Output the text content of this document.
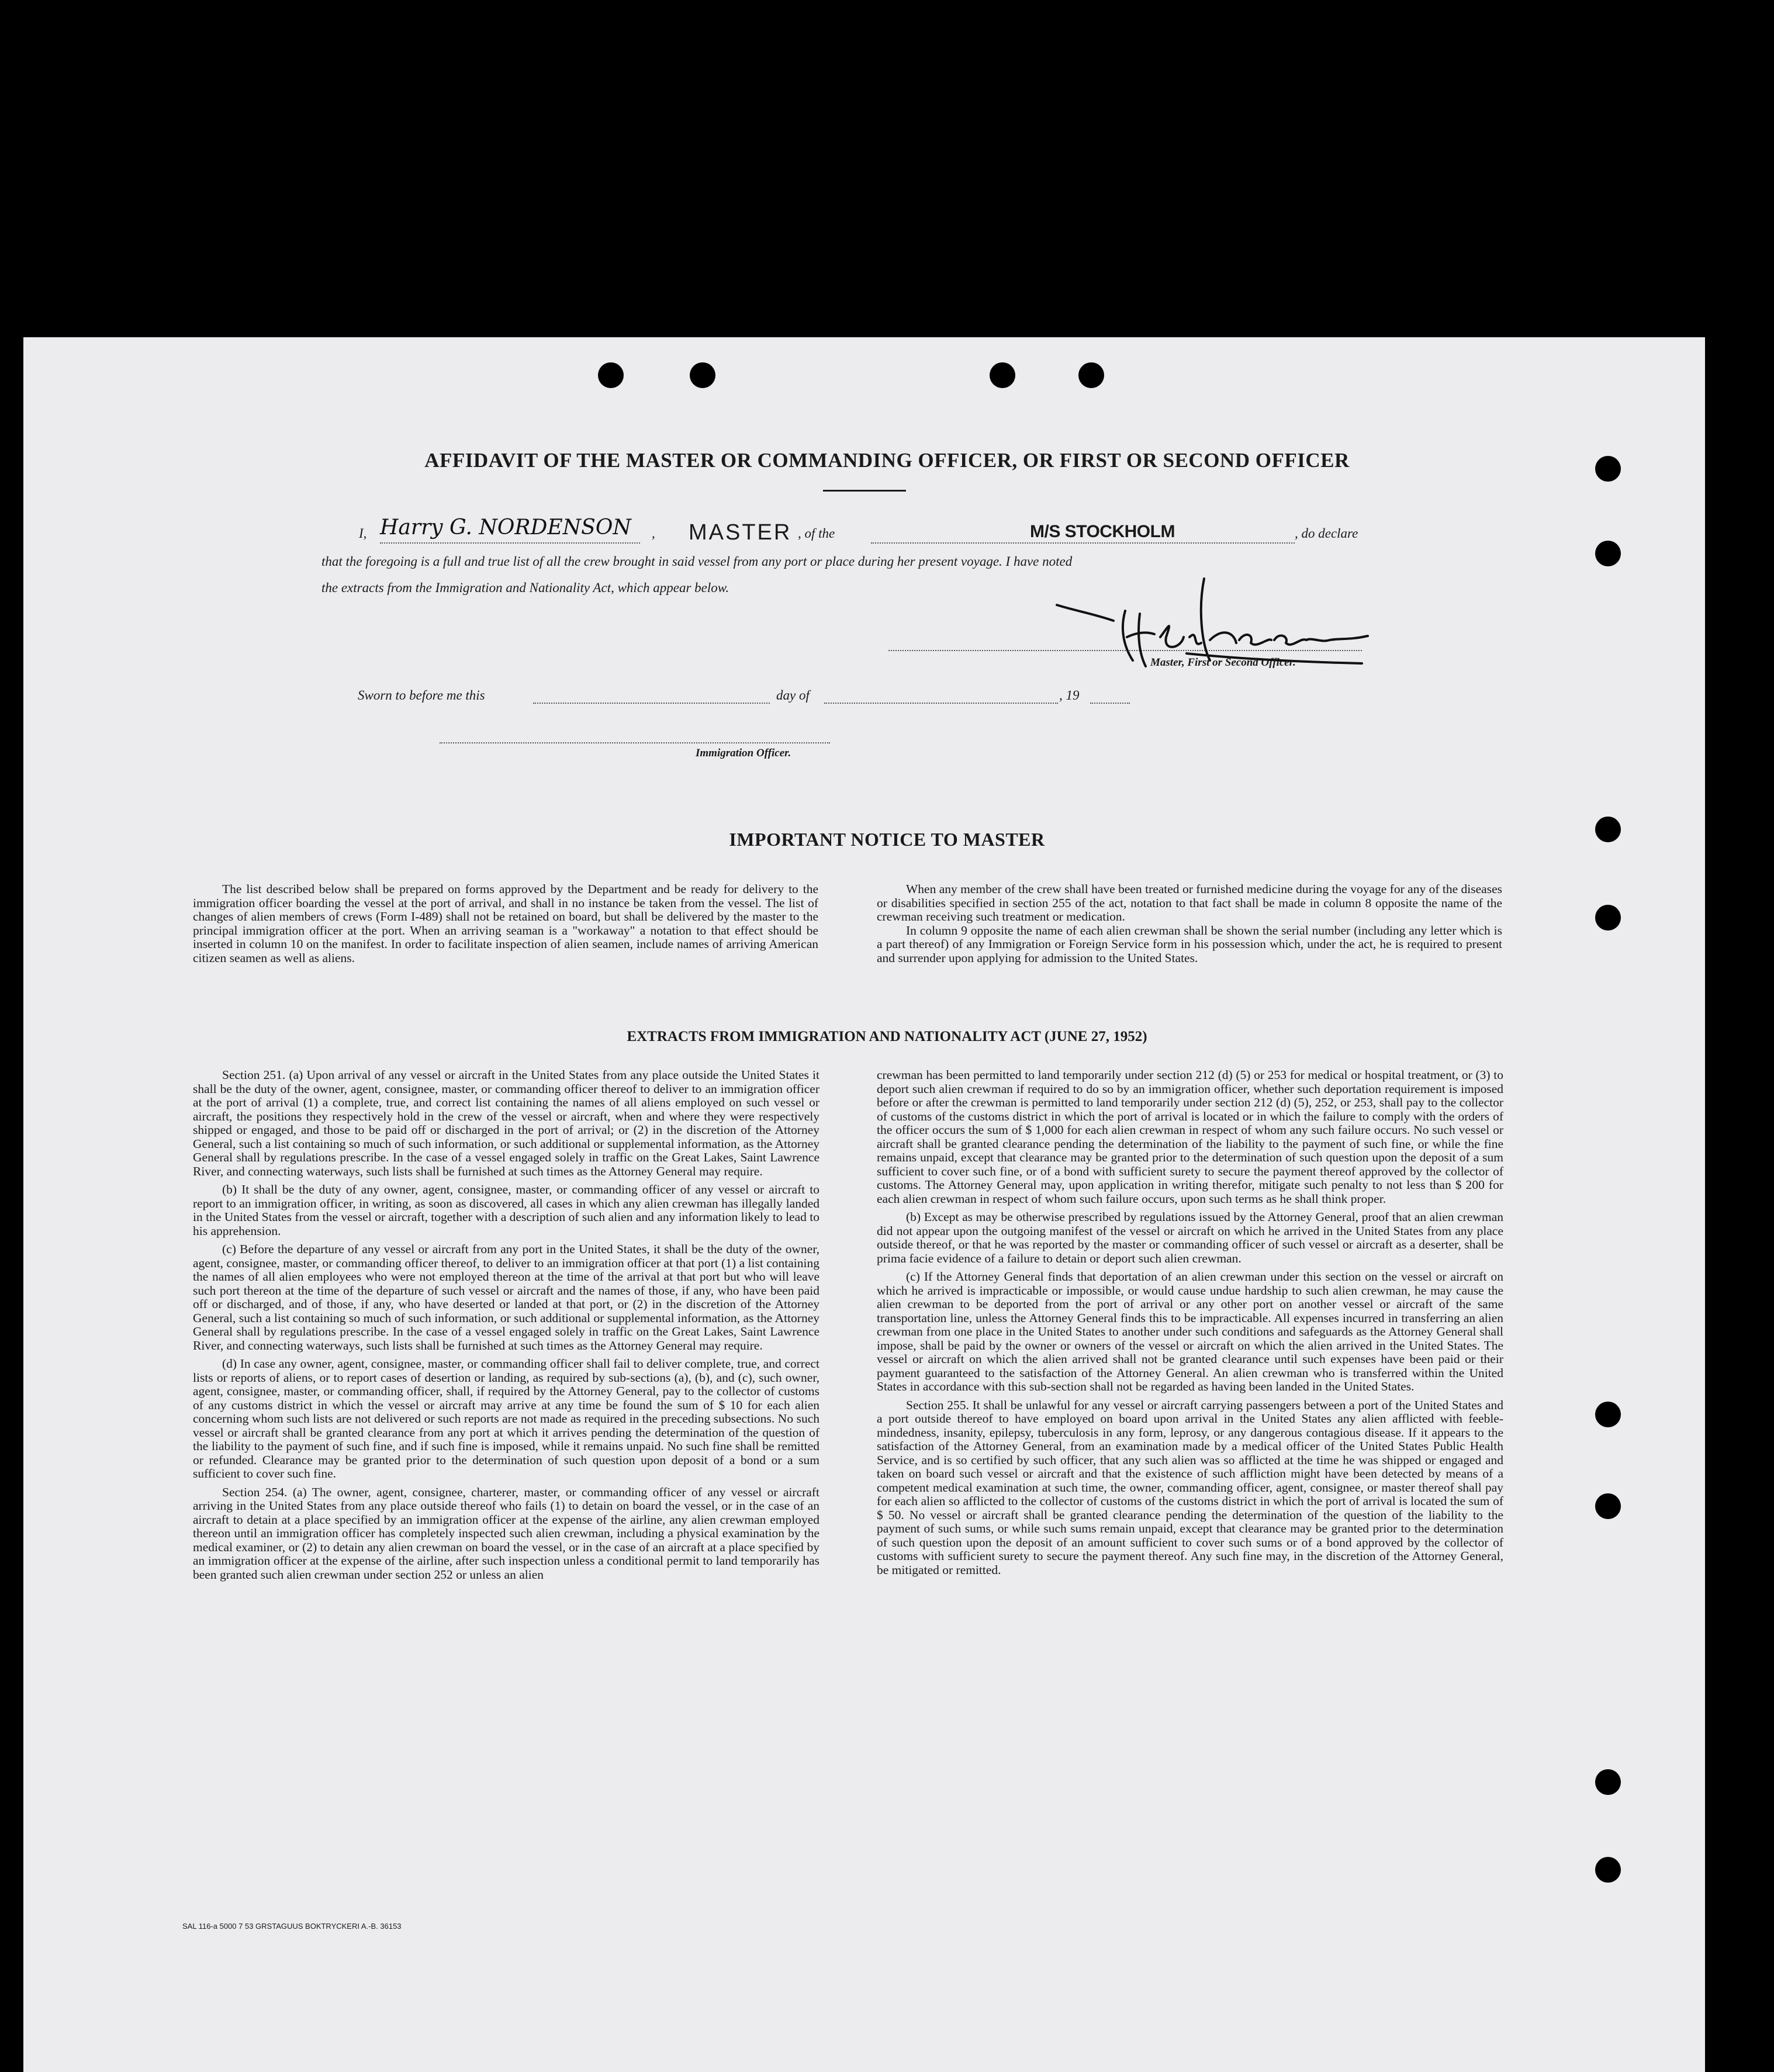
AFFIDAVIT OF THE MASTER OR COMMANDING OFFICER, OR FIRST OR SECOND OFFICER
I, Harry G. NORDENSON , MASTER , of the	M/S STOCKHOLM	, do declare
that the foregoing is a full and true list of all the crew brought in said vessel from any port or place during her present voyage. I have noted
the extracts from the Immigration and Nationality Act, which appear below.
Master, First or Second Officer.
Sworn to before me this	day of	, 19
Immigration Officer.
IMPORTANT NOTICE TO MASTER

The list described below shall be prepared on forms approved by the Department and be ready for delivery to the immigration officer boarding the vessel at the port of arrival, and shall in no instance be taken from the vessel. The list of changes of alien members of crews (Form I-489) shall not be retained on board, but shall be delivered by the master to the principal immigration officer at the port. When an arriving seaman is a "workaway" a notation to that effect should be inserted in column 10 on the manifest. In order to facilitate inspection of alien seamen, include names of arriving American citizen seamen as well as aliens.

When any member of the crew shall have been treated or furnished medicine during the voyage for any of the diseases or disabilities specified in section 255 of the act, notation to that fact shall be made in column 8 opposite the name of the crewman receiving such treatment or medication.

In column 9 opposite the name of each alien crewman shall be shown the serial number (including any letter which is a part thereof) of any Immigration or Foreign Service form in his possession which, under the act, he is required to present and surrender upon applying for admission to the United States.

EXTRACTS FROM IMMIGRATION AND NATIONALITY ACT (JUNE 27, 1952)

Section 251. (a) Upon arrival of any vessel or aircraft in the United States from any place outside the United States it shall be the duty of the owner, agent, consignee, master, or commanding officer thereof to deliver to an immigration officer at the port of arrival (1) a complete, true, and correct list containing the names of all aliens employed on such vessel or aircraft, the positions they respectively hold in the crew of the vessel or aircraft, when and where they were respectively shipped or engaged, and those to be paid off or discharged in the port of arrival; or (2) in the discretion of the Attorney General, such a list containing so much of such information, or such additional or supplemental information, as the Attorney General shall by regulations prescribe. In the case of a vessel engaged solely in traffic on the Great Lakes, Saint Lawrence River, and connecting waterways, such lists shall be furnished at such times as the Attorney General may require.

(b) It shall be the duty of any owner, agent, consignee, master, or commanding officer of any vessel or aircraft to report to an immigration officer, in writing, as soon as discovered, all cases in which any alien crewman has illegally landed in the United States from the vessel or aircraft, together with a description of such alien and any information likely to lead to his apprehension.

(c) Before the departure of any vessel or aircraft from any port in the United States, it shall be the duty of the owner, agent, consignee, master, or commanding officer thereof, to deliver to an immigration officer at that port (1) a list containing the names of all alien employees who were not employed thereon at the time of the arrival at that port but who will leave such port thereon at the time of the departure of such vessel or aircraft and the names of those, if any, who have been paid off or discharged, and of those, if any, who have deserted or landed at that port, or (2) in the discretion of the Attorney General, such a list containing so much of such information, or such additional or supplemental information, as the Attorney General shall by regulations prescribe. In the case of a vessel engaged solely in traffic on the Great Lakes, Saint Lawrence River, and connecting waterways, such lists shall be furnished at such times as the Attorney General may require.

(d) In case any owner, agent, consignee, master, or commanding officer shall fail to deliver complete, true, and correct lists or reports of aliens, or to report cases of desertion or landing, as required by sub-sections (a), (b), and (c), such owner, agent, consignee, master, or commanding officer, shall, if required by the Attorney General, pay to the collector of customs of any customs district in which the vessel or aircraft may arrive at any time be found the sum of $ 10 for each alien concerning whom such lists are not delivered or such reports are not made as required in the preceding subsections. No such vessel or aircraft shall be granted clearance from any port at which it arrives pending the determination of the question of the liability to the payment of such fine, and if such fine is imposed, while it remains unpaid. No such fine shall be remitted or refunded. Clearance may be granted prior to the determination of such question upon deposit of a bond or a sum sufficient to cover such fine.

Section 254. (a) The owner, agent, consignee, charterer, master, or commanding officer of any vessel or aircraft arriving in the United States from any place outside thereof who fails (1) to detain on board the vessel, or in the case of an aircraft to detain at a place specified by an immigration officer at the expense of the airline, any alien crewman employed thereon until an immigration officer has completely inspected such alien crewman, including a physical examination by the medical examiner, or (2) to detain any alien crewman on board the vessel, or in the case of an aircraft at a place specified by an immigration officer at the expense of the airline, after such inspection unless a conditional permit to land temporarily has been granted such alien crewman under section 252 or unless an alien

crewman has been permitted to land temporarily under section 212 (d) (5) or 253 for medical or hospital treatment, or (3) to deport such alien crewman if required to do so by an immigration officer, whether such deportation requirement is imposed before or after the crewman is permitted to land temporarily under section 212 (d) (5), 252, or 253, shall pay to the collector of customs of the customs district in which the port of arrival is located or in which the failure to comply with the orders of the officer occurs the sum of $ 1,000 for each alien crewman in respect of whom any such failure occurs. No such vessel or aircraft shall be granted clearance pending the determination of the liability to the payment of such fine, or while the fine remains unpaid, except that clearance may be granted prior to the determination of such question upon the deposit of a sum sufficient to cover such fine, or of a bond with sufficient surety to secure the payment thereof approved by the collector of customs. The Attorney General may, upon application in writing therefor, mitigate such penalty to not less than $ 200 for each alien crewman in respect of whom such failure occurs, upon such terms as he shall think proper.

(b) Except as may be otherwise prescribed by regulations issued by the Attorney General, proof that an alien crewman did not appear upon the outgoing manifest of the vessel or aircraft on which he arrived in the United States from any place outside thereof, or that he was reported by the master or commanding officer of such vessel or aircraft as a deserter, shall be prima facie evidence of a failure to detain or deport such alien crewman.

(c) If the Attorney General finds that deportation of an alien crewman under this section on the vessel or aircraft on which he arrived is impracticable or impossible, or would cause undue hardship to such alien crewman, he may cause the alien crewman to be deported from the port of arrival or any other port on another vessel or aircraft of the same transportation line, unless the Attorney General finds this to be impracticable. All expenses incurred in transferring an alien crewman from one place in the United States to another under such conditions and safeguards as the Attorney General shall impose, shall be paid by the owner or owners of the vessel or aircraft on which the alien arrived in the United States. The vessel or aircraft on which the alien arrived shall not be granted clearance until such expenses have been paid or their payment guaranteed to the satisfaction of the Attorney General. An alien crewman who is transferred within the United States in accordance with this sub-section shall not be regarded as having been landed in the United States.

Section 255. It shall be unlawful for any vessel or aircraft carrying passengers between a port of the United States and a port outside thereof to have employed on board upon arrival in the United States any alien afflicted with feeble-mindedness, insanity, epilepsy, tuberculosis in any form, leprosy, or any dangerous contagious disease. If it appears to the satisfaction of the Attorney General, from an examination made by a medical officer of the United States Public Health Service, and is so certified by such officer, that any such alien was so afflicted at the time he was shipped or engaged and taken on board such vessel or aircraft and that the existence of such affliction might have been detected by means of a competent medical examination at such time, the owner, commanding officer, agent, consignee, or master thereof shall pay for each alien so afflicted to the collector of customs of the customs district in which the port of arrival is located the sum of $ 50. No vessel or aircraft shall be granted clearance pending the determination of the question of the liability to the payment of such sums, or while such sums remain unpaid, except that clearance may be granted prior to the determination of such question upon the deposit of an amount sufficient to cover such sums or of a bond approved by the collector of customs with sufficient surety to secure the payment thereof. Any such fine may, in the discretion of the Attorney General, be mitigated or remitted.

SAL 116-a 5000 7 53 GRSTAGUUS BOKTRYCKERI A.-B. 36153
